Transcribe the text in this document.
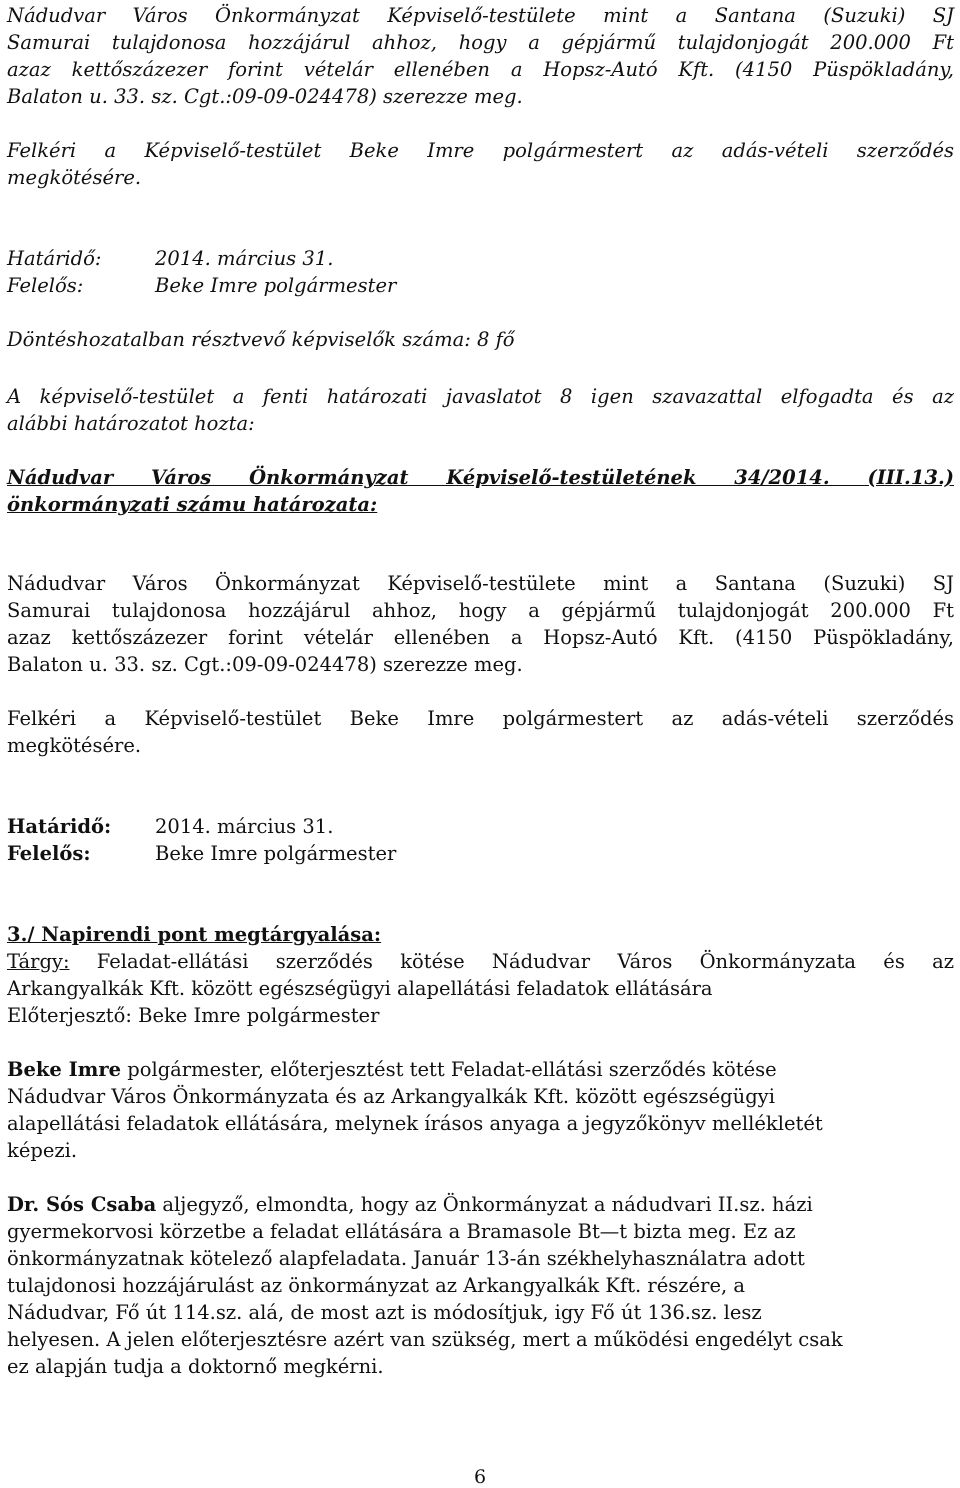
Nádudvar Város Önkormányzat Képviselő-testülete mint a Santana (Suzuki) SJ

Samurai tulajdonosa hozzájárul ahhoz, hogy a gépjármű tulajdonjogát 200.000 Ft

azaz kettőszázezer forint vételár ellenében a Hopsz-Autó Kft. (4150 Püspökladány,

Balaton u. 33. sz. Cgt.:09-09-024478) szerezze meg.

Felkéri a Képviselő-testület Beke Imre polgármestert az adás-vételi szerződés

megkötésére.

Határidő:	2014. március 31.

Felelős:	Beke Imre polgármester

Döntéshozatalban résztvevő képviselők száma: 8 fő

A képviselő-testület a fenti határozati javaslatot 8 igen szavazattal elfogadta és az

alábbi határozatot hozta:

Nádudvar Város Önkormányzat Képviselő-testületének 34/2014. (III.13.)

önkormányzati számu határozata:

Nádudvar Város Önkormányzat Képviselő-testülete mint a Santana (Suzuki) SJ

Samurai tulajdonosa hozzájárul ahhoz, hogy a gépjármű tulajdonjogát 200.000 Ft

azaz kettőszázezer forint vételár ellenében a Hopsz-Autó Kft. (4150 Püspökladány,

Balaton u. 33. sz. Cgt.:09-09-024478) szerezze meg.

Felkéri a Képviselő-testület Beke Imre polgármestert az adás-vételi szerződés

megkötésére.

Határidő: 2014. március 31.

Felelős:	Beke Imre polgármester

3./ Napirendi pont megtárgyalása:

Tárgy: Feladat-ellátási szerződés kötése Nádudvar Város Önkormányzata és az

Arkangyalkák Kft. között egészségügyi alapellátási feladatok ellátására

Előterjesztő: Beke Imre polgármester

Beke Imre polgármester, előterjesztést tett Feladat-ellátási szerződés kötése

Nádudvar Város Önkormányzata és az Arkangyalkák Kft. között egészségügyi

alapellátási feladatok ellátására, melynek írásos anyaga a jegyzőkönyv mellékletét

képezi.

Dr. Sós Csaba aljegyző, elmondta, hogy az Önkormányzat a nádudvari II.sz. házi

gyermekorvosi körzetbe a feladat ellátására a Bramasole Bt—t bizta meg. Ez az

önkormányzatnak kötelező alapfeladata. Január 13-án székhelyhasználatra adott

tulajdonosi hozzájárulást az önkormányzat az Arkangyalkák Kft. részére, a

Nádudvar, Fő út 114.sz. alá, de most azt is módosítjuk, igy Fő út 136.sz. lesz

helyesen. A jelen előterjesztésre azért van szükség, mert a működési engedélyt csak

ez alapján tudja a doktornő megkérni.

6
